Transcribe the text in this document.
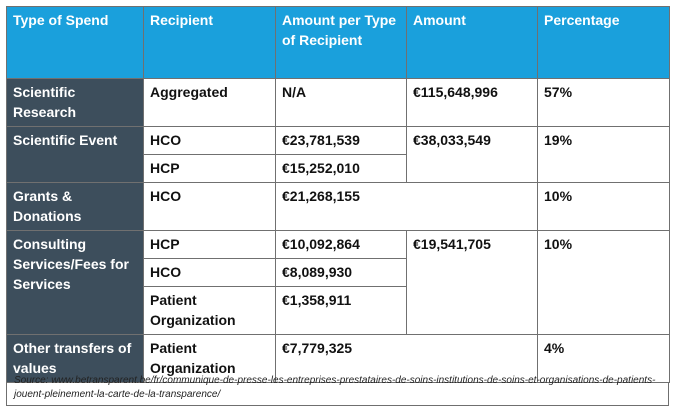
Type of Spend	Recipient	Amount per Type of Recipient	Amount	Percentage
Scientific Research	Aggregated	N/A	€115,648,996	57%
Scientific Event	HCO	€23,781,539	€38,033,549	19%
	HCP	€15,252,010		
Grants & Donations	HCO	€21,268,155		10%
Consulting Services/Fees for Services	HCP	€10,092,864	€19,541,705	10%
	HCO	€8,089,930		
	Patient Organization	€1,358,911		
Other transfers of values	Patient Organization	€7,779,325		4%
Source: www.betransparent.be/fr/communique-de-presse-les-entreprises-prestataires-de-soins-institutions-de-soins-et-organisations-de-patients-jouent-pleinement-la-carte-de-la-transparence/
